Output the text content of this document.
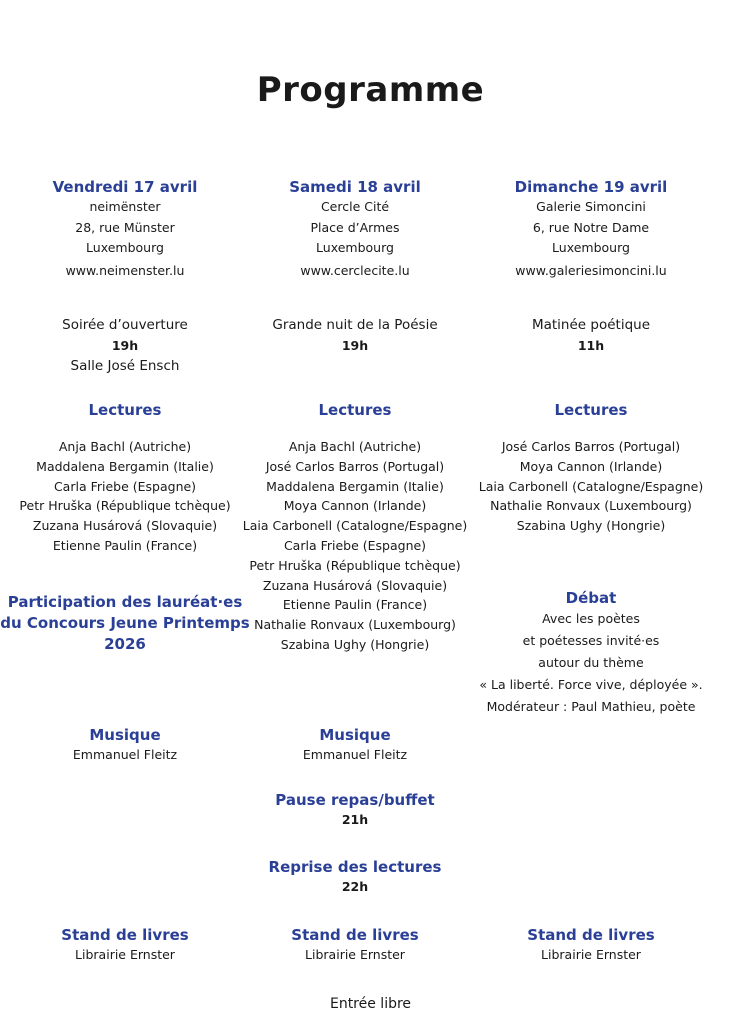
Programme
Vendredi 17 avril
neimënster
28, rue Münster
Luxembourg
www.neimenster.lu
Soirée d’ouverture
19h
Salle José Ensch
Lectures
Anja Bachl (Autriche)
Maddalena Bergamin (Italie)
Carla Friebe (Espagne)
Petr Hruška (République tchèque)
Zuzana Husárová (Slovaquie)
Etienne Paulin (France)
Participation des lauréat·es
du Concours Jeune Printemps
2026
Musique
Emmanuel Fleitz
Stand de livres
Librairie Ernster
Samedi 18 avril
Cercle Cité
Place d’Armes
Luxembourg
www.cerclecite.lu
Grande nuit de la Poésie
19h
Lectures
Anja Bachl (Autriche)
José Carlos Barros (Portugal)
Maddalena Bergamin (Italie)
Moya Cannon (Irlande)
Laia Carbonell (Catalogne/Espagne)
Carla Friebe (Espagne)
Petr Hruška (République tchèque)
Zuzana Husárová (Slovaquie)
Etienne Paulin (France)
Nathalie Ronvaux (Luxembourg)
Szabina Ughy (Hongrie)
Musique
Emmanuel Fleitz
Pause repas/buffet
21h
Reprise des lectures
22h
Stand de livres
Librairie Ernster
Dimanche 19 avril
Galerie Simoncini
6, rue Notre Dame
Luxembourg
www.galeriesimoncini.lu
Matinée poétique
11h
Lectures
José Carlos Barros (Portugal)
Moya Cannon (Irlande)
Laia Carbonell (Catalogne/Espagne)
Nathalie Ronvaux (Luxembourg)
Szabina Ughy (Hongrie)
Débat
Avec les poètes
et poétesses invité·es
autour du thème
« La liberté. Force vive, déployée ».
Modérateur : Paul Mathieu, poète
Stand de livres
Librairie Ernster
Entrée libre
